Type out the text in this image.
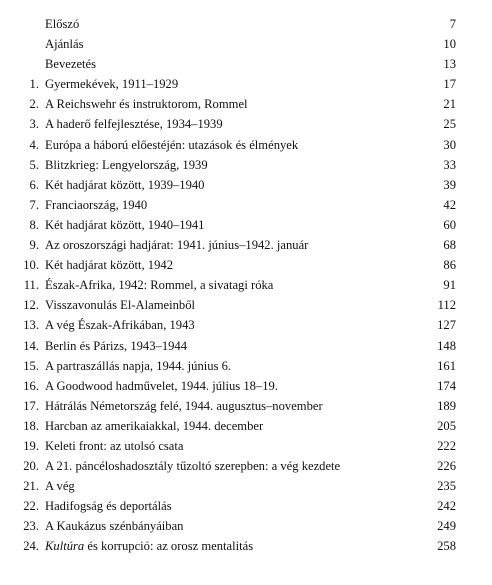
Előszó	7
Ajánlás	10
Bevezetés	13
1. Gyermekévek, 1911–1929	17
2. A Reichswehr és instruktorom, Rommel	21
3. A haderő felfejlesztése, 1934–1939	25
4. Európa a háború előestéjén: utazások és élmények	30
5. Blitzkrieg: Lengyelország, 1939	33
6. Két hadjárat között, 1939–1940	39
7. Franciaország, 1940	42
8. Két hadjárat között, 1940–1941	60
9. Az oroszországi hadjárat: 1941. június–1942. január	68
10. Két hadjárat között, 1942	86
11. Észak-Afrika, 1942: Rommel, a sivatagi róka	91
12. Visszavonulás El-Alameinből	112
13. A vég Észak-Afrikában, 1943	127
14. Berlin és Párizs, 1943–1944	148
15. A partraszállás napja, 1944. június 6.	161
16. A Goodwood hadművelet, 1944. július 18–19.	174
17. Hátrálás Németország felé, 1944. augusztus–november	189
18. Harcban az amerikaiakkal, 1944. december	205
19. Keleti front: az utolsó csata	222
20. A 21. páncéloshadosztály tűzoltó szerepben: a vég kezdete	226
21. A vég	235
22. Hadifogság és deportálás	242
23. A Kaukázus szénbányáiban	249
24. Kultúra és korrupció: az orosz mentalitás	258
